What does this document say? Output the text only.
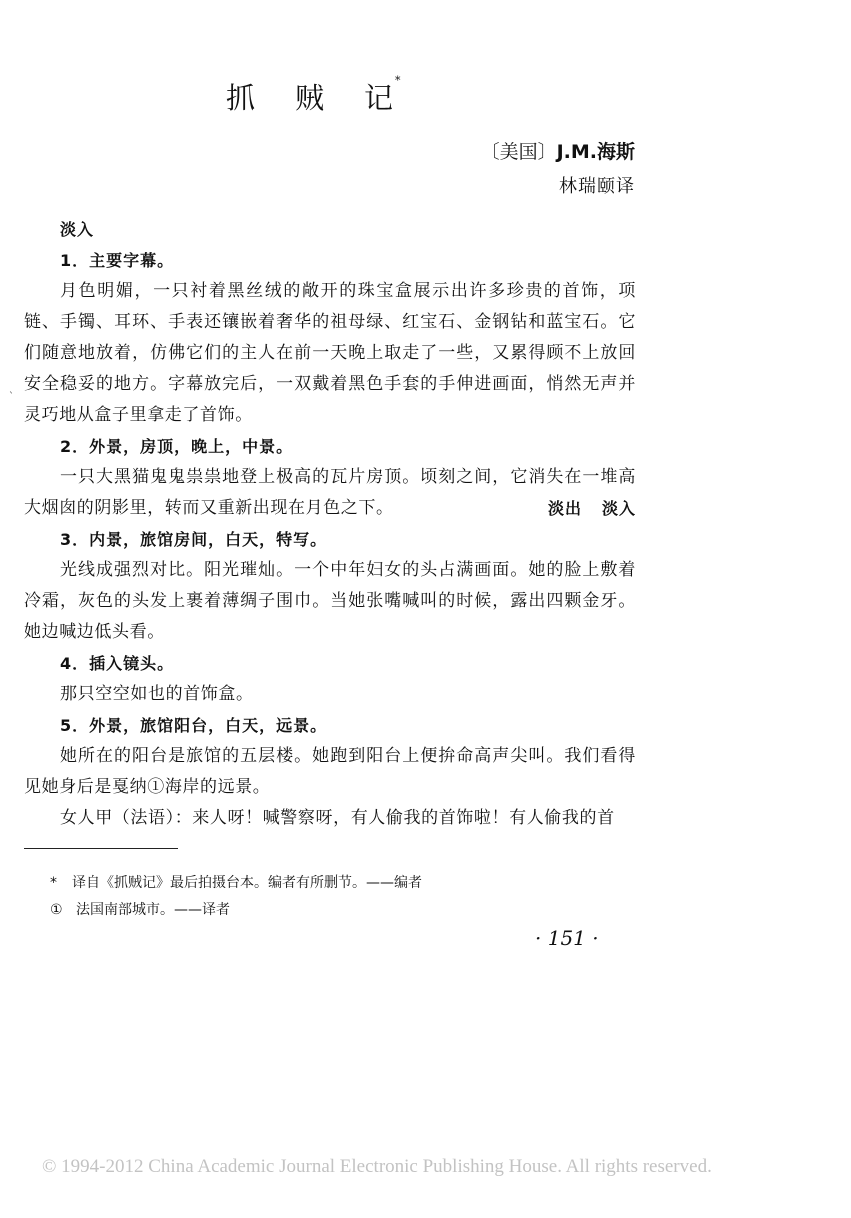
抓 贼 记*
〔美国〕J.M.海斯
林瑞颐译
`

淡入

1．主要字幕。

月色明媚，一只衬着黑丝绒的敞开的珠宝盒展示出许多珍贵的首饰，项链、手镯、耳环、手表还镶嵌着奢华的祖母绿、红宝石、金钢钻和蓝宝石。它们随意地放着，仿佛它们的主人在前一天晚上取走了一些，又累得顾不上放回安全稳妥的地方。字幕放完后，一双戴着黑色手套的手伸进画面，悄然无声并灵巧地从盒子里拿走了首饰。

2．外景，房顶，晚上，中景。

一只大黑猫鬼鬼祟祟地登上极高的瓦片房顶。顷刻之间，它消失在一堆高大烟囱的阴影里，转而又重新出现在月色之下。	淡出 淡入

3．内景，旅馆房间，白天，特写。

光线成强烈对比。阳光璀灿。一个中年妇女的头占满画面。她的脸上敷着冷霜，灰色的头发上裹着薄绸子围巾。当她张嘴喊叫的时候，露出四颗金牙。她边喊边低头看。

4．插入镜头。

那只空空如也的首饰盒。

5．外景，旅馆阳台，白天，远景。

她所在的阳台是旅馆的五层楼。她跑到阳台上便拚命高声尖叫。我们看得见她身后是戛纳①海岸的远景。

女人甲（法语）：来人呀！喊警察呀，有人偷我的首饰啦！有人偷我的首

* 译自《抓贼记》最后拍摄台本。编者有所删节。——编者
① 法国南部城市。——译者
· 151 ·
© 1994-2012 China Academic Journal Electronic Publishing House. All rights reserved.
